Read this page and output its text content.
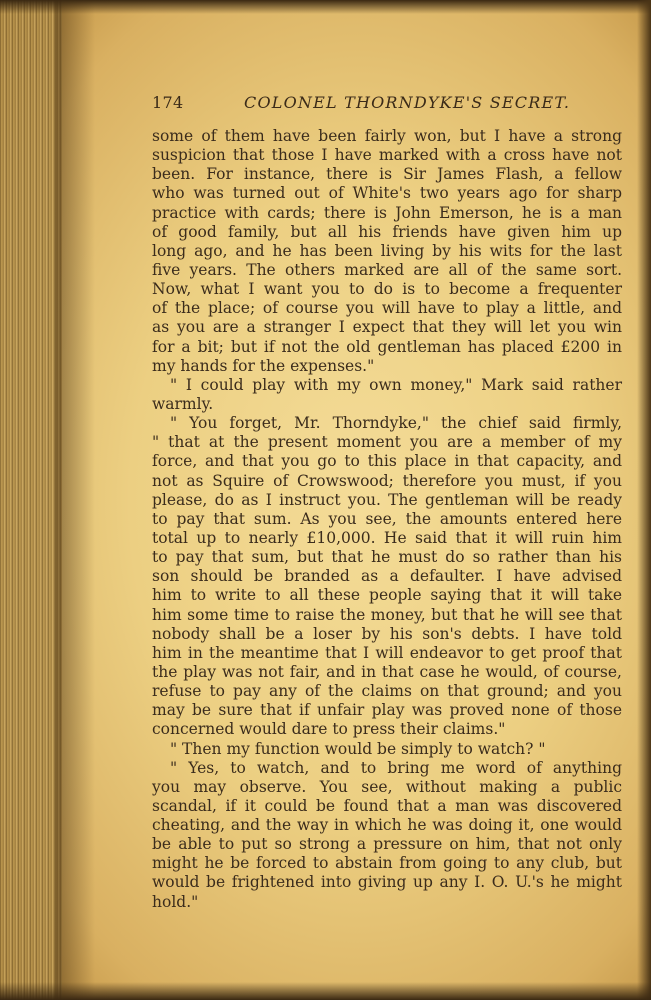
174	COLONEL THORNDYKE'S SECRET.
some of them have been fairly won, but I have a strong
suspicion that those I have marked with a cross have not
been. For instance, there is Sir James Flash, a fellow
who was turned out of White's two years ago for sharp
practice with cards; there is John Emerson, he is a man
of good family, but all his friends have given him up
long ago, and he has been living by his wits for the last
five years. The others marked are all of the same sort.
Now, what I want you to do is to become a frequenter
of the place; of course you will have to play a little, and
as you are a stranger I expect that they will let you win
for a bit; but if not the old gentleman has placed £200 in
my hands for the expenses."
" I could play with my own money," Mark said rather
warmly.
" You forget, Mr. Thorndyke," the chief said firmly,
" that at the present moment you are a member of my
force, and that you go to this place in that capacity, and
not as Squire of Crowswood; therefore you must, if you
please, do as I instruct you. The gentleman will be ready
to pay that sum. As you see, the amounts entered here
total up to nearly £10,000. He said that it will ruin him
to pay that sum, but that he must do so rather than his
son should be branded as a defaulter. I have advised
him to write to all these people saying that it will take
him some time to raise the money, but that he will see that
nobody shall be a loser by his son's debts. I have told
him in the meantime that I will endeavor to get proof that
the play was not fair, and in that case he would, of course,
refuse to pay any of the claims on that ground; and you
may be sure that if unfair play was proved none of those
concerned would dare to press their claims."
" Then my function would be simply to watch? "
" Yes, to watch, and to bring me word of anything
you may observe. You see, without making a public
scandal, if it could be found that a man was discovered
cheating, and the way in which he was doing it, one would
be able to put so strong a pressure on him, that not only
might he be forced to abstain from going to any club, but
would be frightened into giving up any I. O. U.'s he might
hold."
